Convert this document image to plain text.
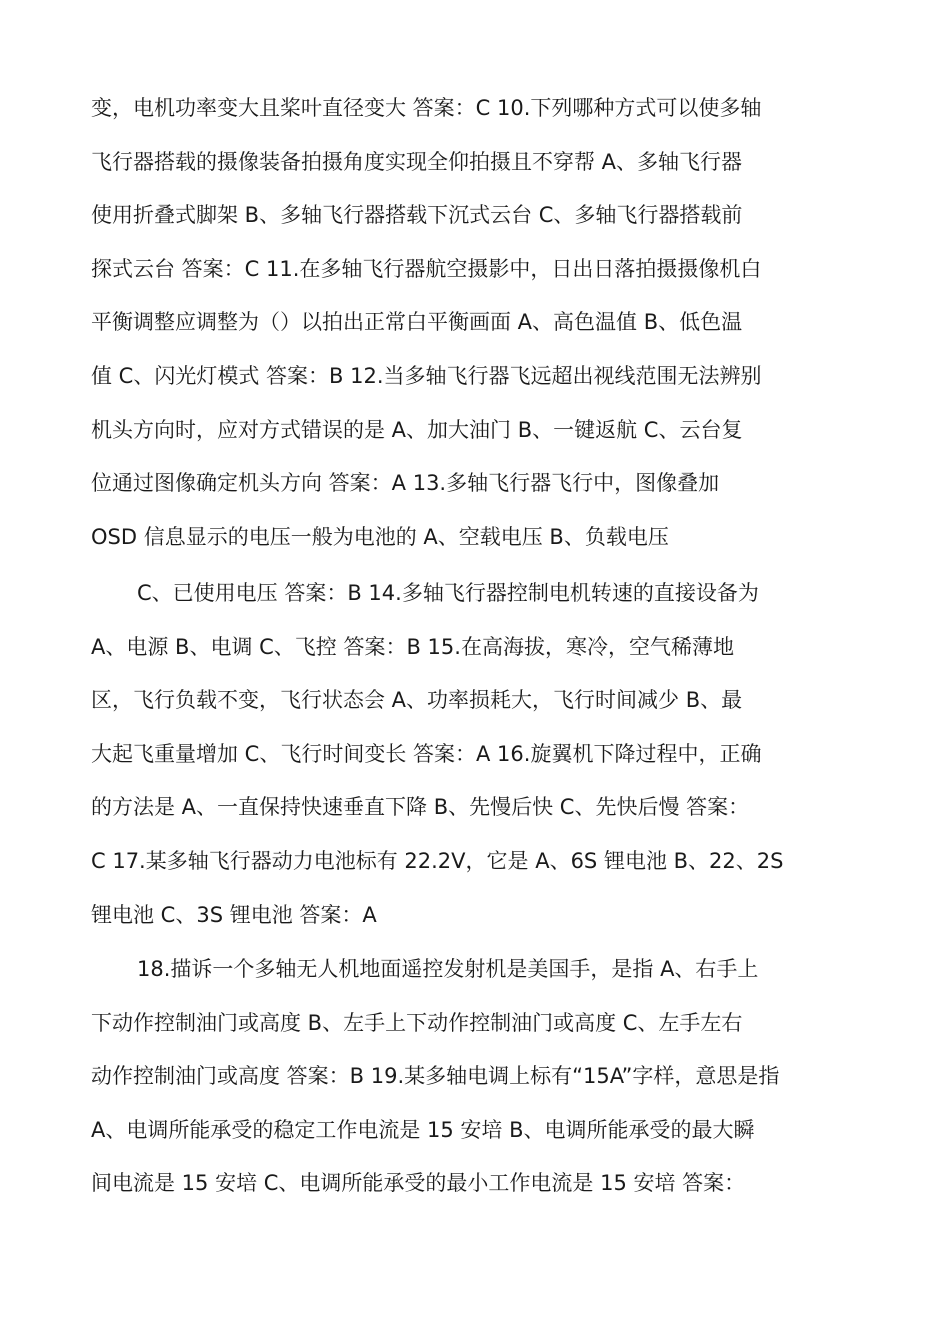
变，电机功率变大且桨叶直径变大 答案：C 10.下列哪种方式可以使多轴
飞行器搭载的摄像装备拍摄角度实现全仰拍摄且不穿帮 A、多轴飞行器
使用折叠式脚架 B、多轴飞行器搭载下沉式云台 C、多轴飞行器搭载前
探式云台 答案：C 11.在多轴飞行器航空摄影中，日出日落拍摄摄像机白
平衡调整应调整为（）以拍出正常白平衡画面 A、高色温值 B、低色温
值 C、闪光灯模式 答案：B 12.当多轴飞行器飞远超出视线范围无法辨别
机头方向时，应对方式错误的是 A、加大油门 B、一键返航 C、云台复
位通过图像确定机头方向 答案：A 13.多轴飞行器飞行中，图像叠加
OSD 信息显示的电压一般为电池的 A、空载电压 B、负载电压
C、已使用电压 答案：B 14.多轴飞行器控制电机转速的直接设备为
A、电源 B、电调 C、飞控 答案：B 15.在高海拔，寒冷，空气稀薄地
区，飞行负载不变，飞行状态会 A、功率损耗大，飞行时间减少 B、最
大起飞重量增加 C、飞行时间变长 答案：A 16.旋翼机下降过程中，正确
的方法是 A、一直保持快速垂直下降 B、先慢后快 C、先快后慢 答案：
C 17.某多轴飞行器动力电池标有 22.2V，它是 A、6S 锂电池 B、22、2S
锂电池 C、3S 锂电池 答案：A
18.描诉一个多轴无人机地面遥控发射机是美国手，是指 A、右手上
下动作控制油门或高度 B、左手上下动作控制油门或高度 C、左手左右
动作控制油门或高度 答案：B 19.某多轴电调上标有“15A”字样，意思是指
A、电调所能承受的稳定工作电流是 15 安培 B、电调所能承受的最大瞬
间电流是 15 安培 C、电调所能承受的最小工作电流是 15 安培 答案：
